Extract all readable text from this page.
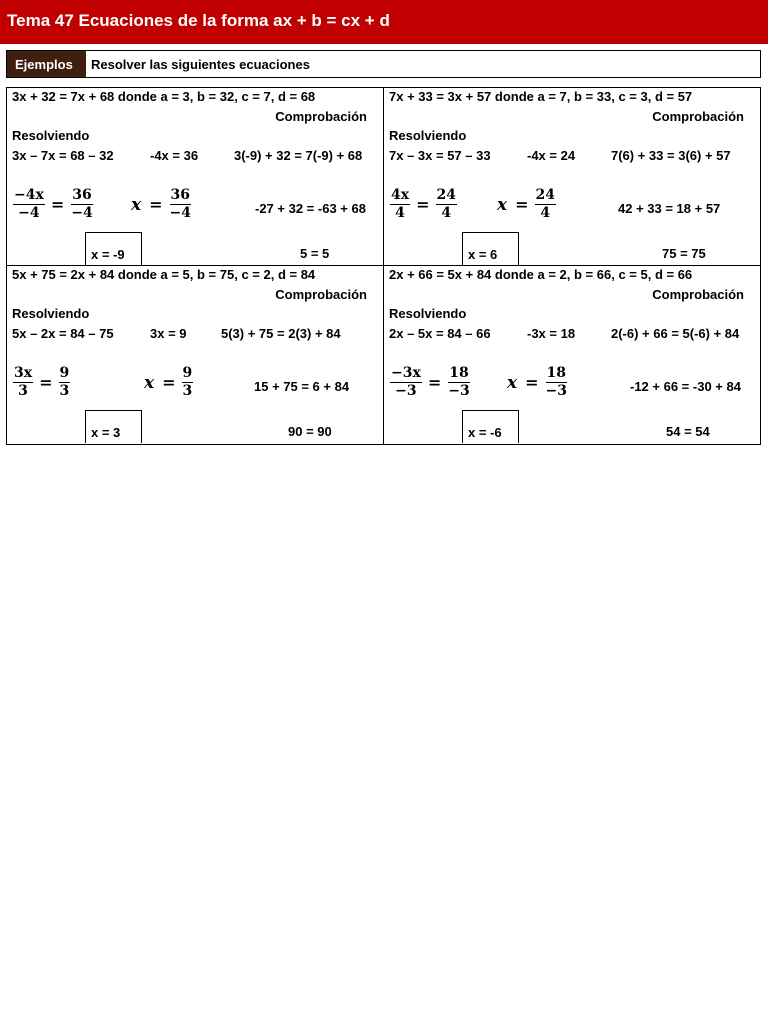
Tema 47 Ecuaciones de la forma ax + b = cx + d
Ejemplos	Resolver las siguientes ecuaciones
3x + 32 = 7x + 68 donde a = 3, b = 32, c = 7, d = 68
Comprobación
Resolviendo
3x – 7x = 68 – 32	-4x = 36	3(-9) + 32 = 7(-9) + 68
$\frac{-4x}{-4} = \frac{36}{-4}$ $x = \frac{36}{-4}$	-27 + 32 = -63 + 68
x = -9	5 = 5
7x + 33 = 3x + 57 donde a = 7, b = 33, c = 3, d = 57
Comprobación
Resolviendo
7x – 3x = 57 – 33	-4x = 24	7(6) + 33 = 3(6) + 57
$\frac{4x}{4} = \frac{24}{4}$ $x = \frac{24}{4}$	42 + 33 = 18 + 57
x = 6	75 = 75
5x + 75 = 2x + 84 donde a = 5, b = 75, c = 2, d = 84
Comprobación
Resolviendo
5x – 2x = 84 – 75	3x = 9	5(3) + 75 = 2(3) + 84
$\frac{3x}{3} = \frac{9}{3}$	$x = \frac{9}{3}$	15 + 75 = 6 + 84
x = 3	90 = 90
2x + 66 = 5x + 84 donde a = 2, b = 66, c = 5, d = 66
Comprobación
Resolviendo
2x – 5x = 84 – 66	-3x = 18	2(-6) + 66 = 5(-6) + 84
$\frac{-3x}{-3} = \frac{18}{-3}$ $x = \frac{18}{-3}$	-12 + 66 = -30 + 84
x = -6	54 = 54
